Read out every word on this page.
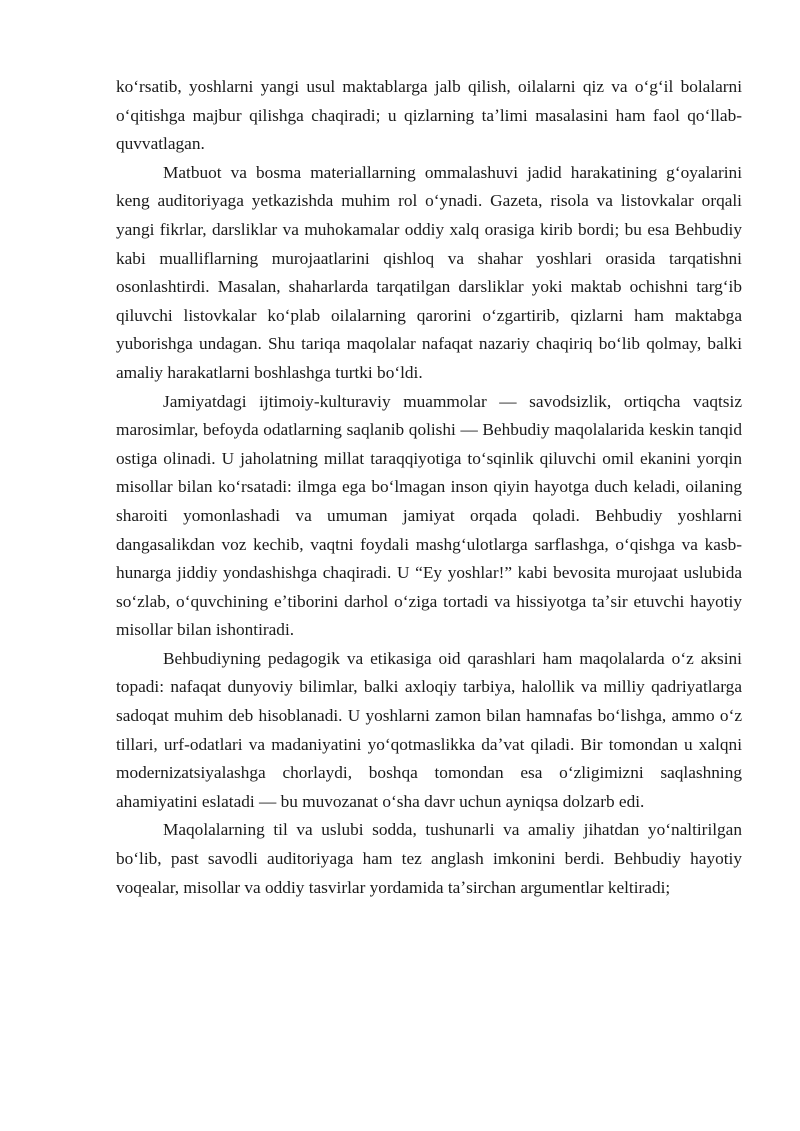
koʻrsatib, yoshlarni yangi usul maktablarga jalb qilish, oilalarni qiz va oʻgʻil bolalarni oʻqitishga majbur qilishga chaqiradi; u qizlarning taʼlimi masalasini ham faol qoʻllab-quvvatlagan.

Matbuot va bosma materiallarning ommalashuvi jadid harakatining gʻoyalarini keng auditoriyaga yetkazishda muhim rol oʻynadi. Gazeta, risola va listovkalar orqali yangi fikrlar, darsliklar va muhokamalar oddiy xalq orasiga kirib bordi; bu esa Behbudiy kabi mualliflarning murojaatlarini qishloq va shahar yoshlari orasida tarqatishni osonlashtirdi. Masalan, shaharlarda tarqatilgan darsliklar yoki maktab ochishni targʻib qiluvchi listovkalar koʻplab oilalarning qarorini oʻzgartirib, qizlarni ham maktabga yuborishga undagan. Shu tariqa maqolalar nafaqat nazariy chaqiriq boʻlib qolmay, balki amaliy harakatlarni boshlashga turtki boʻldi.

Jamiyatdagi ijtimoiy-kulturaviy muammolar — savodsizlik, ortiqcha vaqtsiz marosimlar, befoyda odatlarning saqlanib qolishi — Behbudiy maqolalarida keskin tanqid ostiga olinadi. U jaholatning millat taraqqiyotiga toʻsqinlik qiluvchi omil ekanini yorqin misollar bilan koʻrsatadi: ilmga ega boʻlmagan inson qiyin hayotga duch keladi, oilaning sharoiti yomonlashadi va umuman jamiyat orqada qoladi. Behbudiy yoshlarni dangasalikdan voz kechib, vaqtni foydali mashgʻulotlarga sarflashga, oʻqishga va kasb-hunarga jiddiy yondashishga chaqiradi. U “Ey yoshlar!” kabi bevosita murojaat uslubida soʻzlab, oʻquvchining eʼtiborini darhol oʻziga tortadi va hissiyotga taʼsir etuvchi hayotiy misollar bilan ishontiradi.

Behbudiyning pedagogik va etikasiga oid qarashlari ham maqolalarda oʻz aksini topadi: nafaqat dunyoviy bilimlar, balki axloqiy tarbiya, halollik va milliy qadriyatlarga sadoqat muhim deb hisoblanadi. U yoshlarni zamon bilan hamnafas boʻlishga, ammo oʻz tillari, urf-odatlari va madaniyatini yoʻqotmaslikka daʼvat qiladi. Bir tomondan u xalqni modernizatsiyalashga chorlaydi, boshqa tomondan esa oʻzligimizni saqlashning ahamiyatini eslatadi — bu muvozanat oʻsha davr uchun ayniqsa dolzarb edi.

Maqolalarning til va uslubi sodda, tushunarli va amaliy jihatdan yoʻnaltirilgan boʻlib, past savodli auditoriyaga ham tez anglash imkonini berdi. Behbudiy hayotiy voqealar, misollar va oddiy tasvirlar yordamida taʼsirchan argumentlar keltiradi;
